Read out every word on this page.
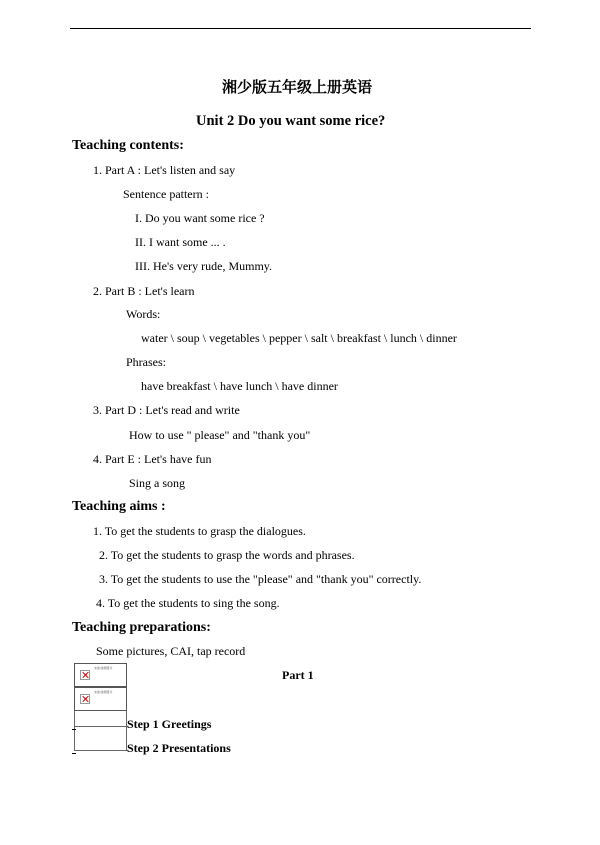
湘少版五年级上册英语
Unit 2 Do you want some rice?
Teaching contents:
1. Part A : Let's listen and say
Sentence pattern :
I. Do you want some rice ?
II. I want some ... .
III. He's very rude, Mummy.
2. Part B : Let's learn
Words:
water \ soup \ vegetables \ pepper \ salt \ breakfast \ lunch \ dinner
Phrases:
have breakfast \ have lunch \ have dinner
3. Part D : Let's read and write
How to use " please" and "thank you"
4. Part E : Let's have fun
Sing a song
Teaching aims :
1. To get the students to grasp the dialogues.
2. To get the students to grasp the words and phrases.
3. To get the students to use the "please" and "thank you" correctly.
4. To get the students to sing the song.
Teaching preparations:
Some pictures, CAI, tap record
未能加载图片
未能加载图片
Part 1
Step 1 Greetings
Step 2 Presentations
